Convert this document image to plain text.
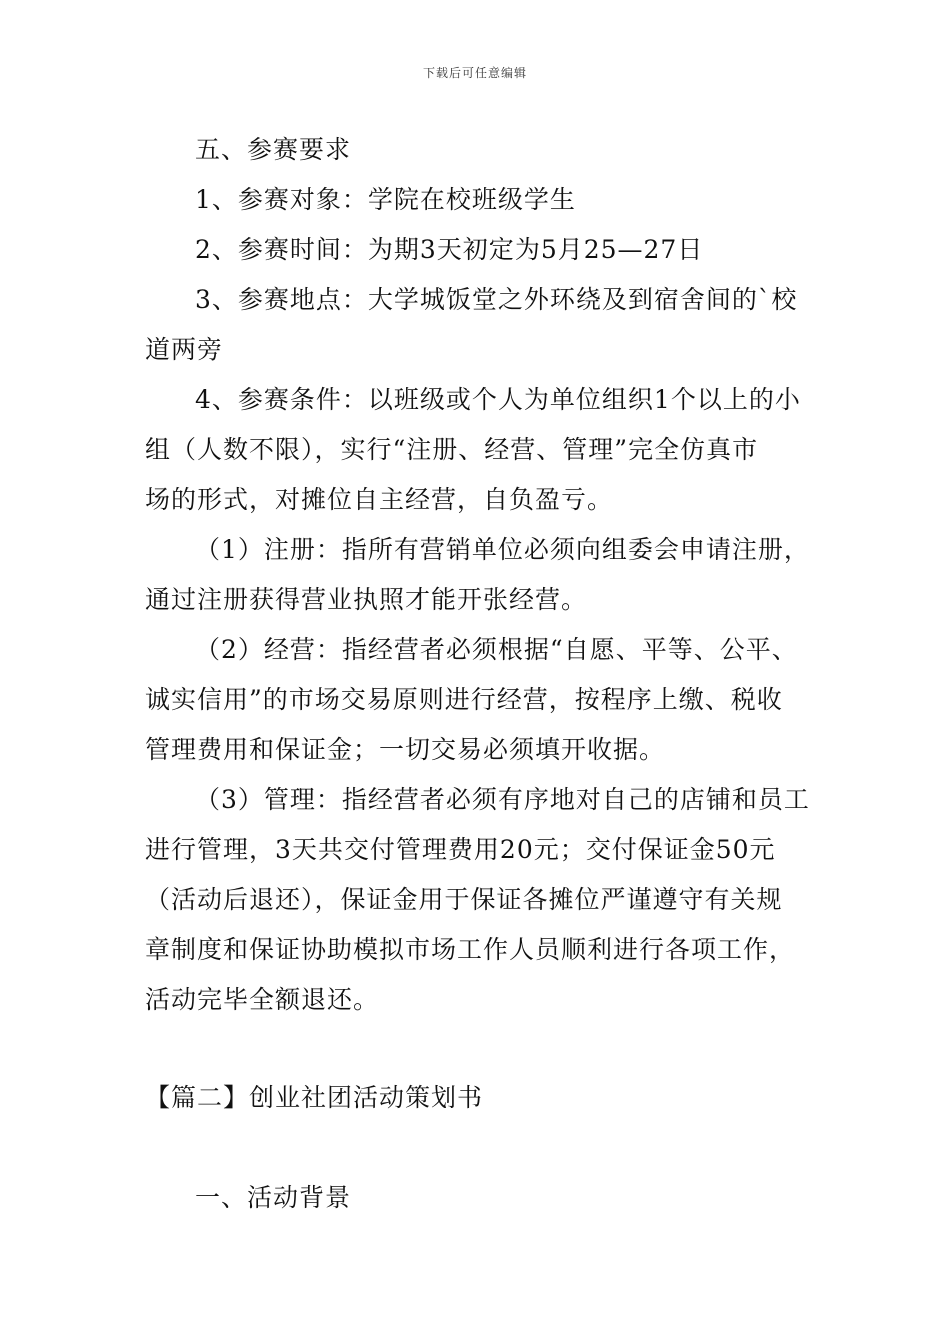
下载后可任意编辑
五、参赛要求
1、参赛对象：学院在校班级学生
2、参赛时间：为期3天初定为5月25—27日
3、参赛地点：大学城饭堂之外环绕及到宿舍间的`校
道两旁
4、参赛条件：以班级或个人为单位组织1个以上的小
组（人数不限），实行“注册、经营、管理”完全仿真市
场的形式，对摊位自主经营，自负盈亏。
（1）注册：指所有营销单位必须向组委会申请注册，
通过注册获得营业执照才能开张经营。
（2）经营：指经营者必须根据“自愿、平等、公平、
诚实信用”的市场交易原则进行经营，按程序上缴、税收
管理费用和保证金；一切交易必须填开收据。
（3）管理：指经营者必须有序地对自己的店铺和员工
进行管理，3天共交付管理费用20元；交付保证金50元
（活动后退还），保证金用于保证各摊位严谨遵守有关规
章制度和保证协助模拟市场工作人员顺利进行各项工作，
活动完毕全额退还。
【篇二】创业社团活动策划书
一、活动背景
